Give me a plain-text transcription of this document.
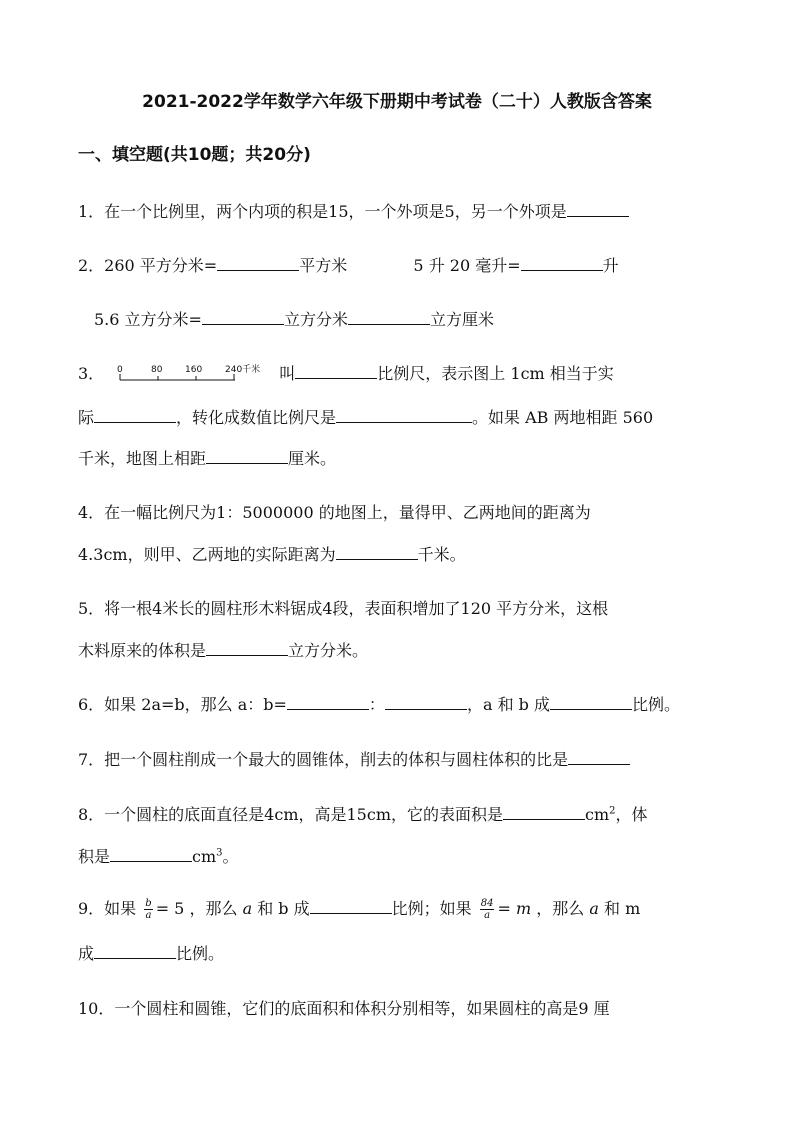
2021-2022学年数学六年级下册期中考试卷（二十）人教版含答案
一、填空题(共10题；共20分)
1．在一个比例里，两个内项的积是15，一个外项是5，另一个外项是
2．260 平方分米=	平方米	5 升 20 毫升=	升
5.6 立方分米=	立方分米	立方厘米
3． 0	80	160	240千米 叫	比例尺，表示图上 1cm 相当于实
际	，转化成数值比例尺是	。如果 AB 两地相距 560
千米，地图上相距	厘米。
4．在一幅比例尺为1：5000000 的地图上，量得甲、乙两地间的距离为
4.3cm，则甲、乙两地的实际距离为	千米。
5．将一根4米长的圆柱形木料锯成4段，表面积增加了120 平方分米，这根
木料原来的体积是	立方分米。
6．如果 2a=b，那么 a：b=	：	，a 和 b 成	比例。
7．把一个圆柱削成一个最大的圆锥体，削去的体积与圆柱体积的比是
8．一个圆柱的底面直径是4cm，高是15cm，它的表面积是	$cm^2$，体
积是	$cm^3$。
9．如果 $\frac{b}{a} = 5$ ，那么 a 和 b 成	比例；如果 $\frac{84}{a} = m$ ，那么 a 和 m
成	比例。
10．一个圆柱和圆锥，它们的底面积和体积分别相等，如果圆柱的高是9 厘
